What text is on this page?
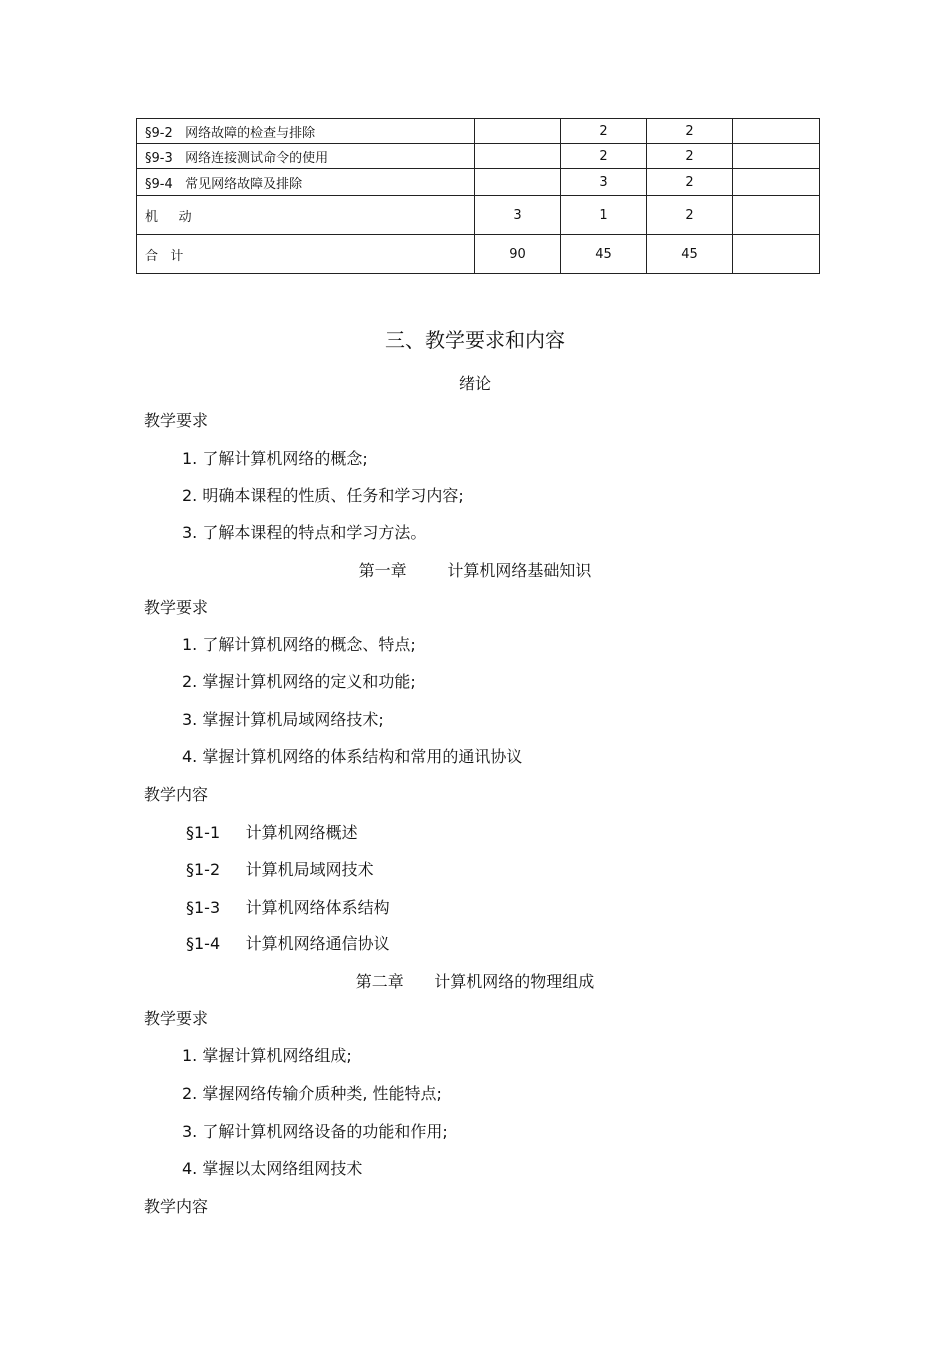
§9-2   网络故障的检查与排除		2	2	
§9-3   网络连接测试命令的使用		2	2	
§9-4   常见网络故障及排除		3	2	
机     动	3	1	2	
合   计	90	45	45	
三、教学要求和内容
绪论
教学要求
1. 了解计算机网络的概念;
2. 明确本课程的性质、任务和学习内容;
3. 了解本课程的特点和学习方法。
第一章        计算机网络基础知识
教学要求
1. 了解计算机网络的概念、特点;
2. 掌握计算机网络的定义和功能;
3. 掌握计算机局域网络技术;
4. 掌握计算机网络的体系结构和常用的通讯协议
教学内容
§1-1     计算机网络概述
§1-2     计算机局域网技术
§1-3     计算机网络体系结构
§1-4     计算机网络通信协议
第二章      计算机网络的物理组成
教学要求
1. 掌握计算机网络组成;
2. 掌握网络传输介质种类, 性能特点;
3. 了解计算机网络设备的功能和作用;
4. 掌握以太网络组网技术
教学内容
